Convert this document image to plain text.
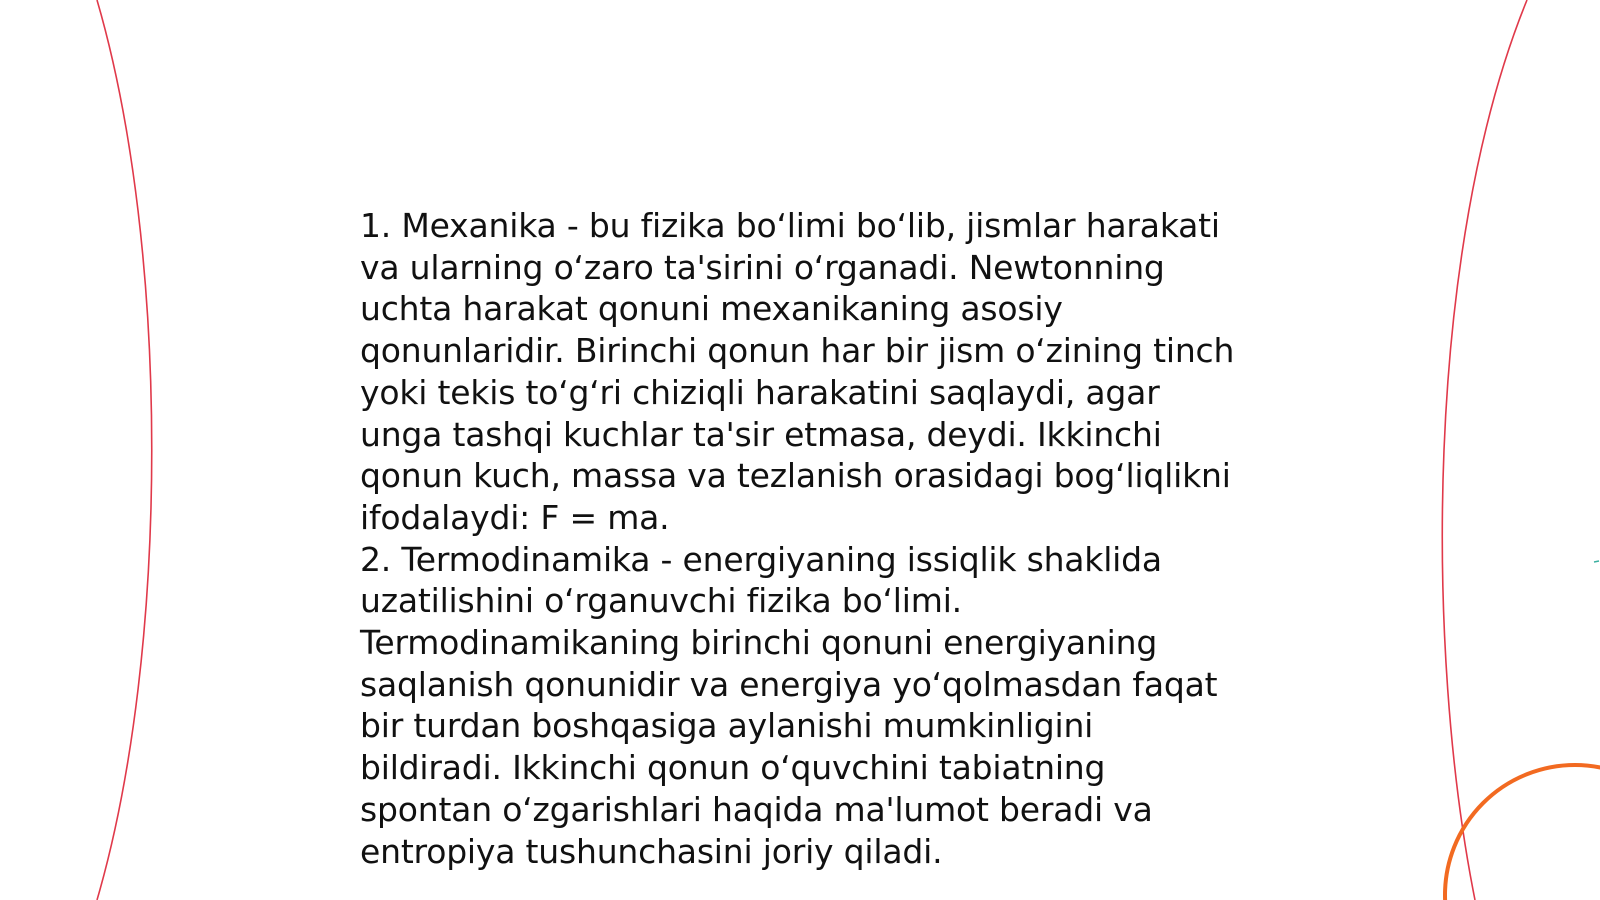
1. Mexanika - bu fizika boʻlimi boʻlib, jismlar harakati va ularning oʻzaro ta'sirini oʻrganadi. Newtonning uchta harakat qonuni mexanikaning asosiy qonunlaridir. Birinchi qonun har bir jism oʻzining tinch yoki tekis toʻgʻri chiziqli harakatini saqlaydi, agar unga tashqi kuchlar ta'sir etmasa, deydi. Ikkinchi qonun kuch, massa va tezlanish orasidagi bogʻliqlikni ifodalaydi: F = ma.

2. Termodinamika - energiyaning issiqlik shaklida uzatilishini oʻrganuvchi fizika boʻlimi. Termodinamikaning birinchi qonuni energiyaning saqlanish qonunidir va energiya yoʻqolmasdan faqat bir turdan boshqasiga aylanishi mumkinligini bildiradi. Ikkinchi qonun oʻquvchini tabiatning spontan oʻzgarishlari haqida ma'lumot beradi va entropiya tushunchasini joriy qiladi.
